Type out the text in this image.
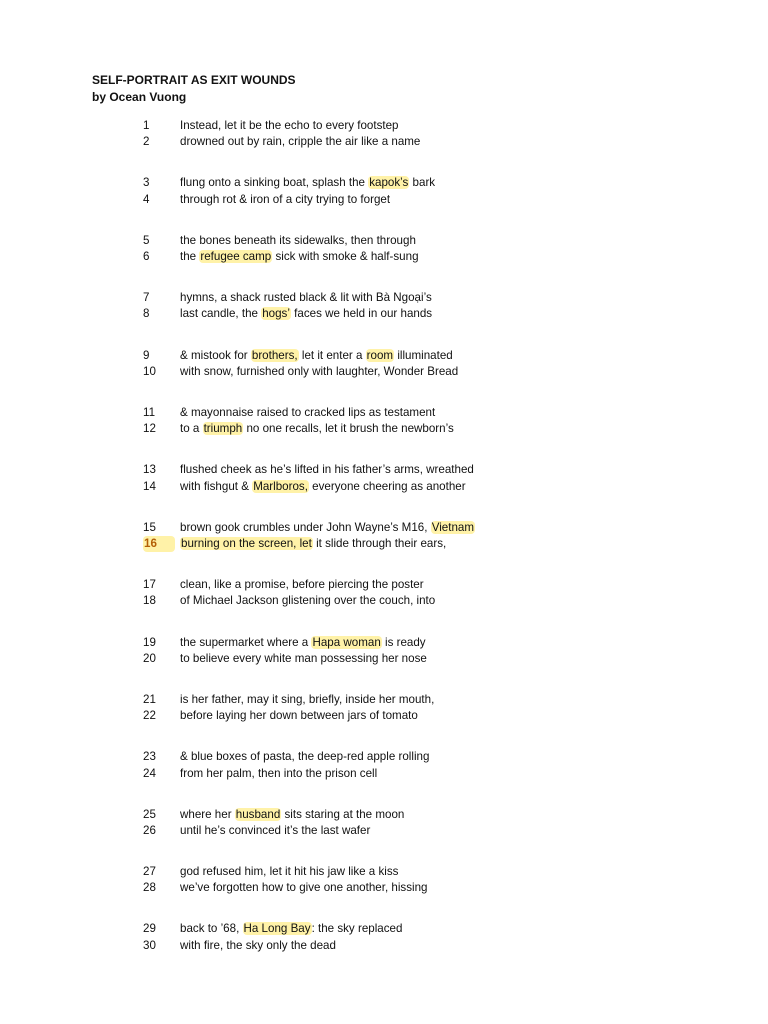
SELF-PORTRAIT AS EXIT WOUNDS
by Ocean Vuong
1	Instead, let it be the echo to every footstep
2	drowned out by rain, cripple the air like a name
3	flung onto a sinking boat, splash the kapok’s bark
4	through rot & iron of a city trying to forget
5	the bones beneath its sidewalks, then through
6	the refugee camp sick with smoke & half-sung
7	hymns, a shack rusted black & lit with Bà Ngoại’s
8	last candle, the hogs’ faces we held in our hands
9	& mistook for brothers, let it enter a room illuminated
10	with snow, furnished only with laughter, Wonder Bread
11	& mayonnaise raised to cracked lips as testament
12	to a triumph no one recalls, let it brush the newborn’s
13	flushed cheek as he’s lifted in his father’s arms, wreathed
14	with fishgut & Marlboros, everyone cheering as another
15	brown gook crumbles under John Wayne’s M16, Vietnam
16	burning on the screen, let it slide through their ears,
17	clean, like a promise, before piercing the poster
18	of Michael Jackson glistening over the couch, into
19	the supermarket where a Hapa woman is ready
20	to believe every white man possessing her nose
21	is her father, may it sing, briefly, inside her mouth,
22	before laying her down between jars of tomato
23	& blue boxes of pasta, the deep-red apple rolling
24	from her palm, then into the prison cell
25	where her husband sits staring at the moon
26	until he’s convinced it’s the last wafer
27	god refused him, let it hit his jaw like a kiss
28	we’ve forgotten how to give one another, hissing
29	back to ’68, Ha Long Bay: the sky replaced
30	with fire, the sky only the dead
